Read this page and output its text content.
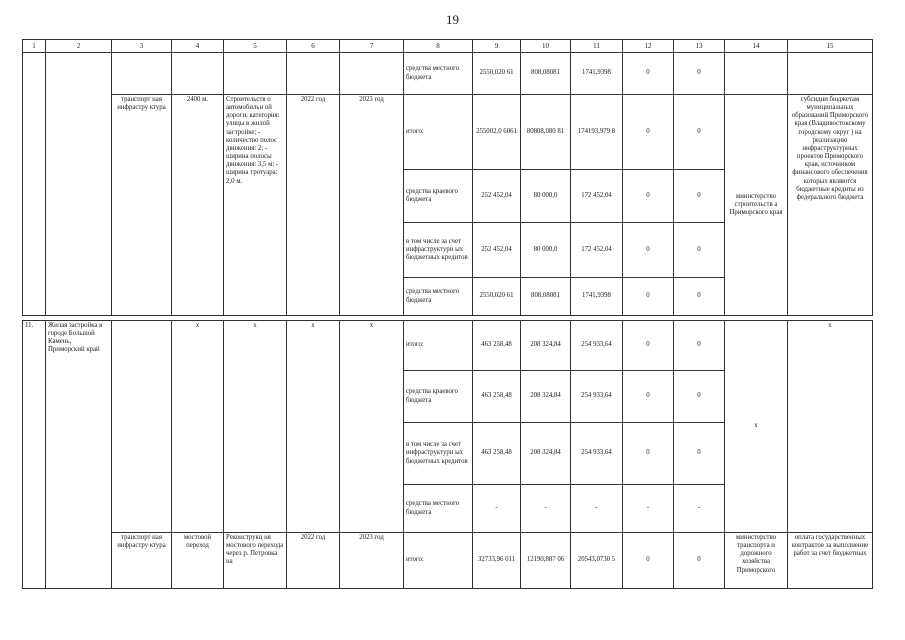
19
1	2	3	4	5	6	7	8	9	10	11	12	13	14	15
							средства местного бюджета	2550,020 61	808,08081	1741,9398	0	0		
		транспорт ная инфрастру ктура	2400 м.	Строительств о автомобильн ой дороги, категория: улицы в жилой застройке; - количество полос движения: 2; - ширина полосы движения: 3,5 м; - ширина тротуара: 2,0 м.	2022 год	2023 год	итого:	255002,0 6061	80808,080 81	174193,979 8	0	0	министерство строительств а Приморского края	субсидии бюджетам муниципальных образований Приморского края (Владивостокскому городскому округ ) на реализацию инфраструктурных проектов Приморского края, источником финансового обеспечения которых являются бюджетные кредиты из федерального бюджета
							средства краевого бюджета	252 452,04	80 000,0	172 452,04	0	0		
							в том числе за счет инфраструктурн ых бюджетных кредитов	252 452,04	80 000,0	172 452,04	0	0		
							средства местного бюджета	2550,020 61	808,08081	1741,9398	0	0		
11.	Жилая застройка в городе Большой Камень, Приморский край		х	х	х	х	итого:	463 258,48	208 324,84	254 933,64	0	0	х	х
							средства краевого бюджета	463 258,48	208 324,84	254 933,64	0	0		
							в том числе за счет инфраструктурн ых бюджетных кредитов	463 258,48	208 324,84	254 933,64	0	0		
							средства местного бюджета	-	-	-	-	-		
		транспорт ная инфрастру ктура	мостовой переход	Реконструкц ия мостового перехода через р. Петровка на	2022 год	2023 год	итого:	32733,96 011	12190,887 06	20543,0730 5	0	0	министерство транспорта и дорожного хозяйства Приморского	оплата государственных контрактов за выполнение работ за счет бюджетных
